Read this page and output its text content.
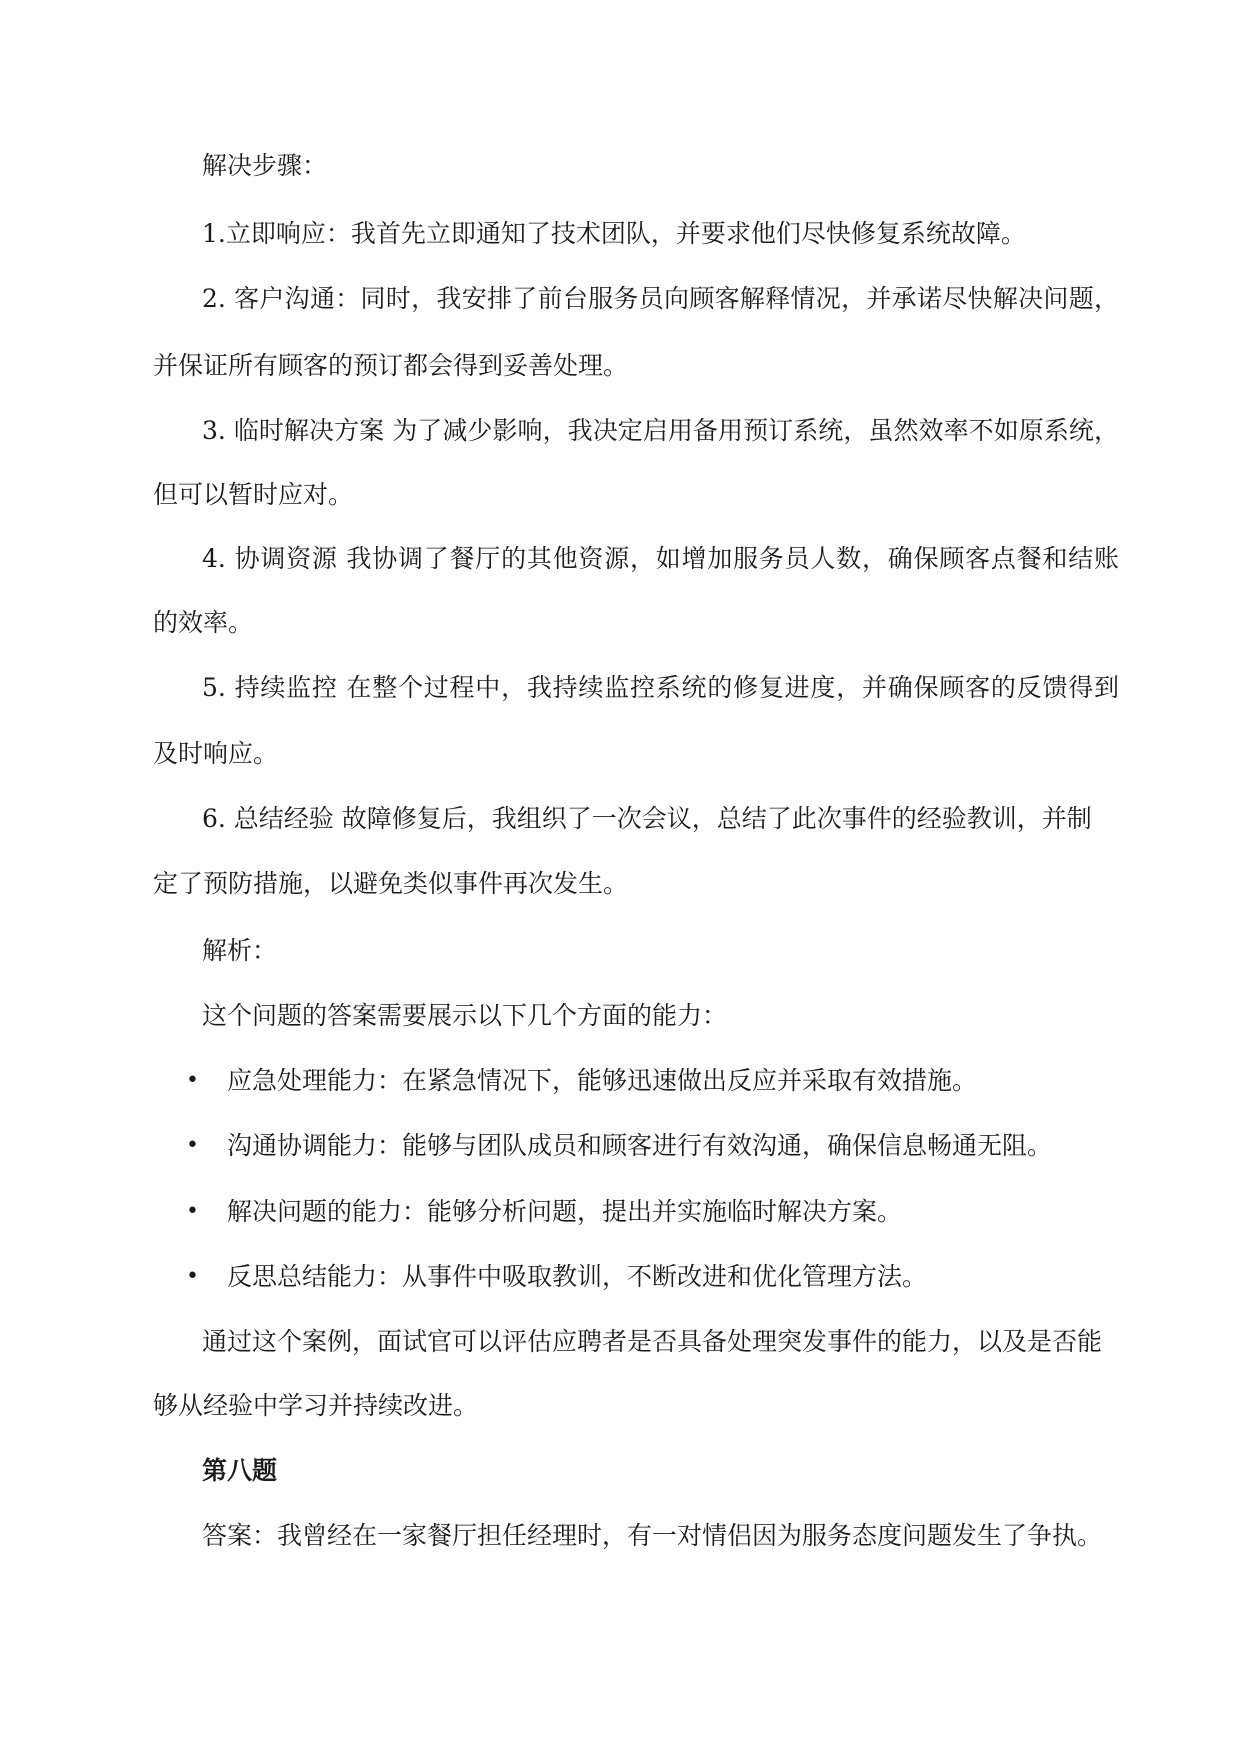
解决步骤：
1.立即响应：我首先立即通知了技术团队，并要求他们尽快修复系统故障。
2. 客户沟通：同时，我安排了前台服务员向顾客解释情况，并承诺尽快解决问题，
并保证所有顾客的预订都会得到妥善处理。
3. 临时解决方案 为了减少影响，我决定启用备用预订系统，虽然效率不如原系统，
但可以暂时应对。
4. 协调资源 我协调了餐厅的其他资源，如增加服务员人数，确保顾客点餐和结账
的效率。
5. 持续监控 在整个过程中，我持续监控系统的修复进度，并确保顾客的反馈得到
及时响应。
6. 总结经验 故障修复后，我组织了一次会议，总结了此次事件的经验教训，并制
定了预防措施，以避免类似事件再次发生。
解析：
这个问题的答案需要展示以下几个方面的能力：
• 应急处理能力：在紧急情况下，能够迅速做出反应并采取有效措施。
• 沟通协调能力：能够与团队成员和顾客进行有效沟通，确保信息畅通无阻。
• 解决问题的能力：能够分析问题，提出并实施临时解决方案。
• 反思总结能力：从事件中吸取教训，不断改进和优化管理方法。
通过这个案例，面试官可以评估应聘者是否具备处理突发事件的能力，以及是否能
够从经验中学习并持续改进。
第八题
答案：我曾经在一家餐厅担任经理时，有一对情侣因为服务态度问题发生了争执。
